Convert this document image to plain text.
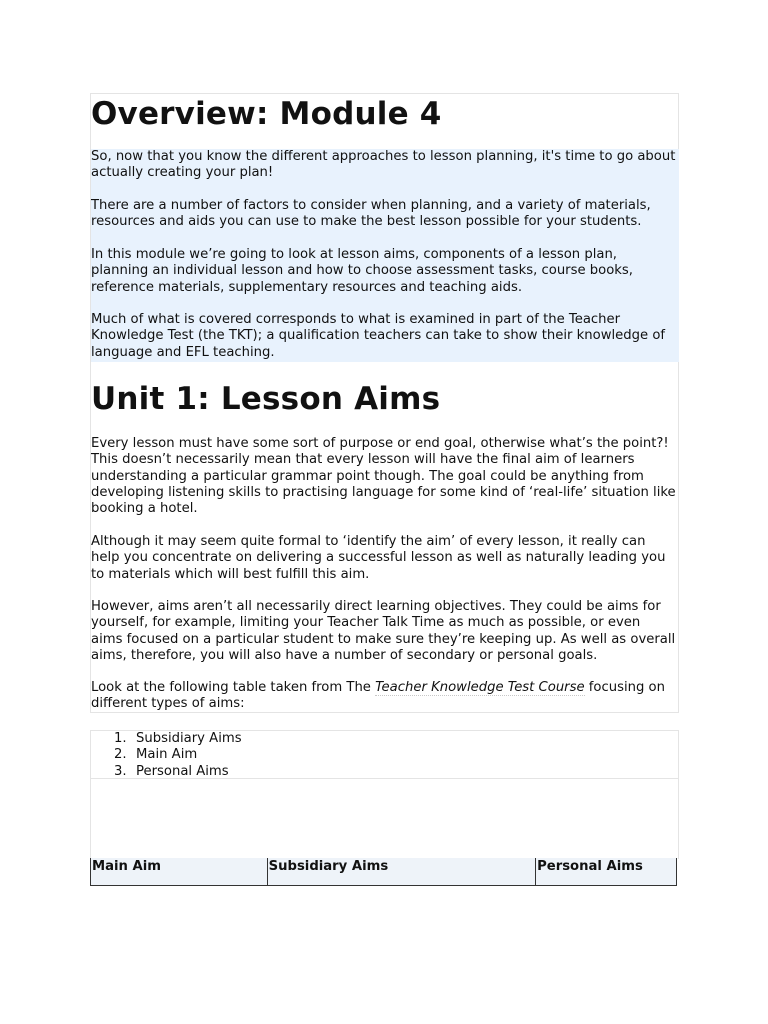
Overview: Module 4

So, now that you know the different approaches to lesson planning, it's time to go about
actually creating your plan!

There are a number of factors to consider when planning, and a variety of materials,
resources and aids you can use to make the best lesson possible for your students.

In this module we’re going to look at lesson aims, components of a lesson plan,
planning an individual lesson and how to choose assessment tasks, course books,
reference materials, supplementary resources and teaching aids.

Much of what is covered corresponds to what is examined in part of the Teacher
Knowledge Test (the TKT); a qualification teachers can take to show their knowledge of
language and EFL teaching.

Unit 1: Lesson Aims

Every lesson must have some sort of purpose or end goal, otherwise what’s the point?!
This doesn’t necessarily mean that every lesson will have the final aim of learners
understanding a particular grammar point though. The goal could be anything from
developing listening skills to practising language for some kind of ‘real-life’ situation like
booking a hotel.

Although it may seem quite formal to ‘identify the aim’ of every lesson, it really can
help you concentrate on delivering a successful lesson as well as naturally leading you
to materials which will best fulfill this aim.

However, aims aren’t all necessarily direct learning objectives. They could be aims for
yourself, for example, limiting your Teacher Talk Time as much as possible, or even
aims focused on a particular student to make sure they’re keeping up. As well as overall
aims, therefore, you will also have a number of secondary or personal goals.

Look at the following table taken from The Teacher Knowledge Test Course focusing on
different types of aims:

1. Subsidiary Aims
2. Main Aim
3. Personal Aims
Main Aim	Subsidiary Aims	Personal Aims
